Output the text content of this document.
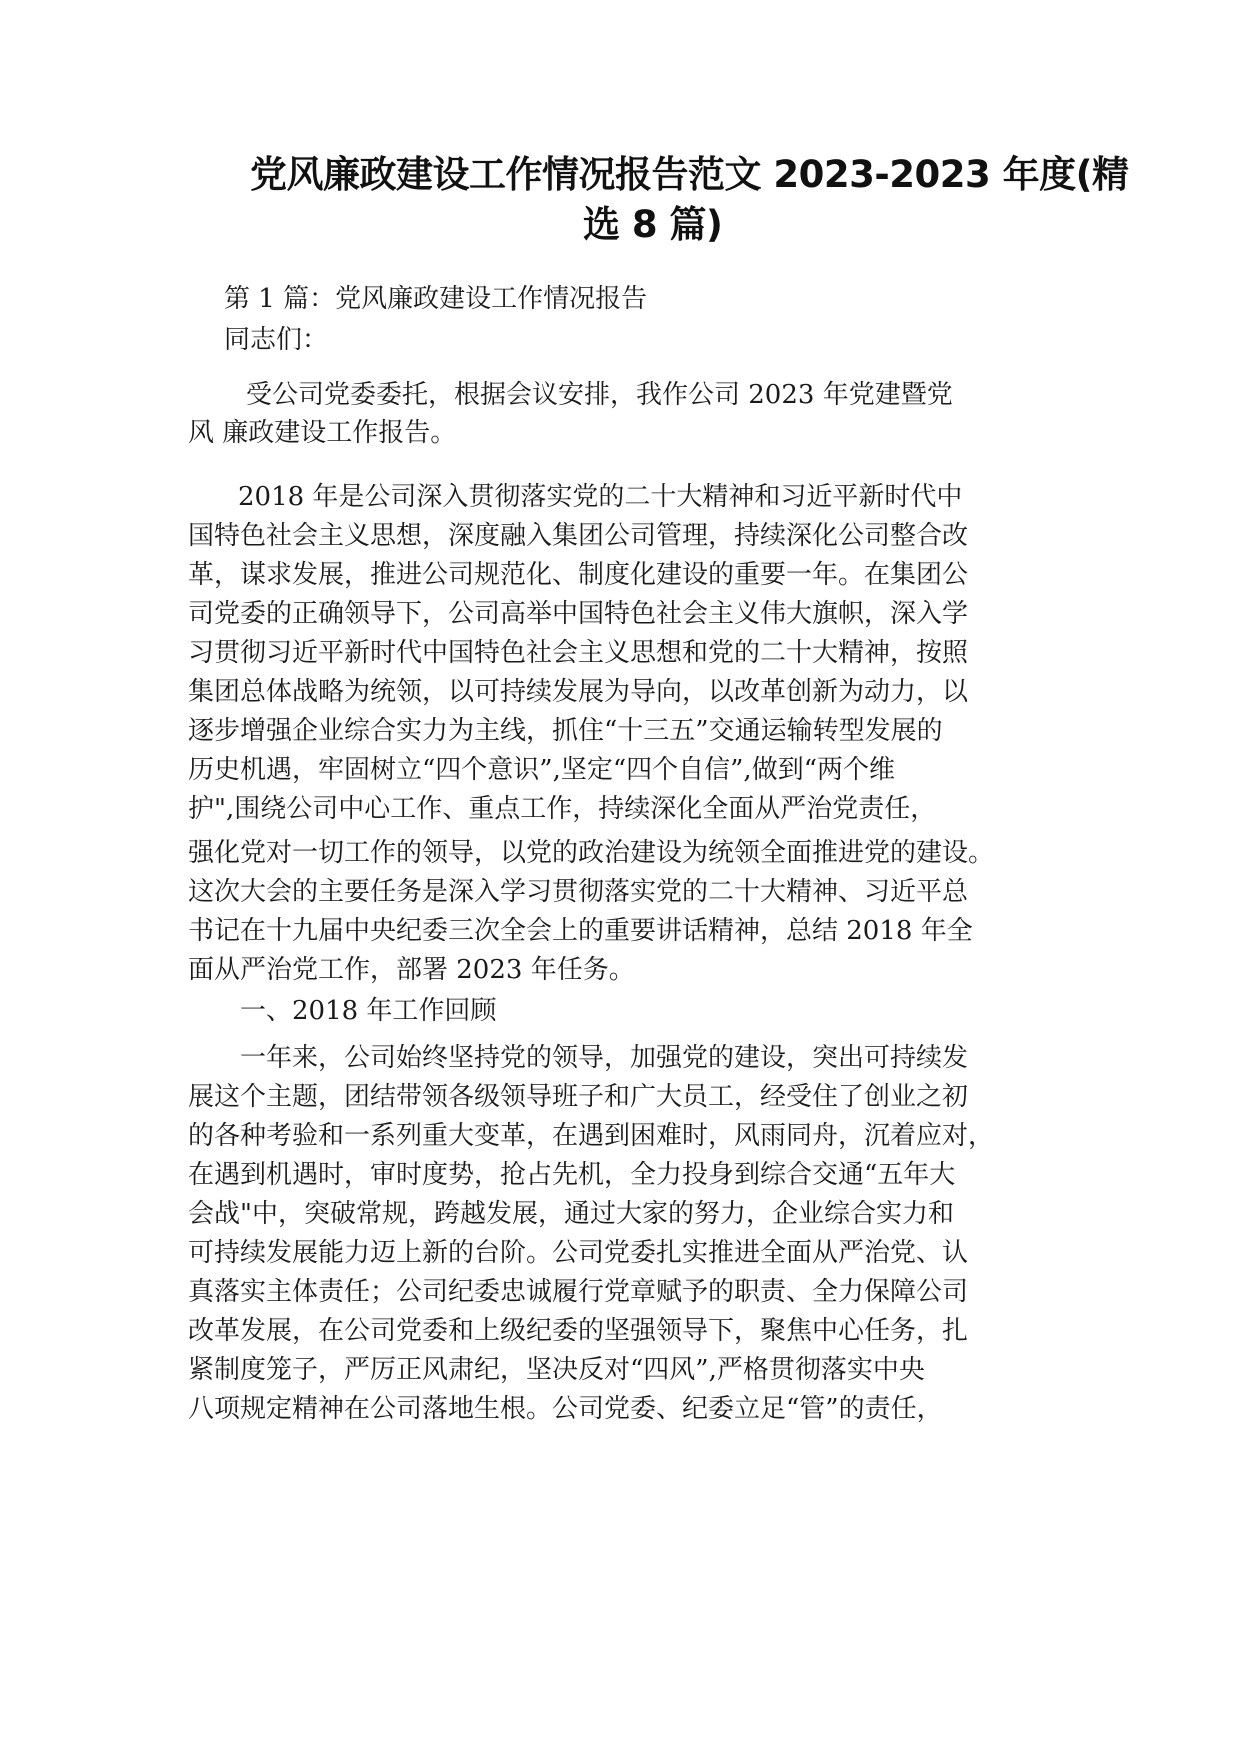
党风廉政建设工作情况报告范文 2023-2023 年度(精
选 8 篇)
第 1 篇：党风廉政建设工作情况报告
同志们：
受公司党委委托，根据会议安排，我作公司 2023 年党建暨党
风 廉政建设工作报告。
2018 年是公司深入贯彻落实党的二十大精神和习近平新时代中
国特色社会主义思想，深度融入集团公司管理，持续深化公司整合改
革，谋求发展，推进公司规范化、制度化建设的重要一年。在集团公
司党委的正确领导下，公司高举中国特色社会主义伟大旗帜，深入学
习贯彻习近平新时代中国特色社会主义思想和党的二十大精神，按照
集团总体战略为统领，以可持续发展为导向，以改革创新为动力，以
逐步增强企业综合实力为主线，抓住“十三五”交通运输转型发展的
历史机遇，牢固树立“四个意识”,坚定“四个自信”,做到“两个维
护",围绕公司中心工作、重点工作，持续深化全面从严治党责任，
强化党对一切工作的领导，以党的政治建设为统领全面推进党的建设。
这次大会的主要任务是深入学习贯彻落实党的二十大精神、习近平总
书记在十九届中央纪委三次全会上的重要讲话精神，总结 2018 年全
面从严治党工作，部署 2023 年任务。
一、2018 年工作回顾
一年来，公司始终坚持党的领导，加强党的建设，突出可持续发
展这个主题，团结带领各级领导班子和广大员工，经受住了创业之初
的各种考验和一系列重大变革，在遇到困难时，风雨同舟，沉着应对，
在遇到机遇时，审时度势，抢占先机，全力投身到综合交通“五年大
会战"中，突破常规，跨越发展，通过大家的努力，企业综合实力和
可持续发展能力迈上新的台阶。公司党委扎实推进全面从严治党、认
真落实主体责任；公司纪委忠诚履行党章赋予的职责、全力保障公司
改革发展，在公司党委和上级纪委的坚强领导下，聚焦中心任务，扎
紧制度笼子，严厉正风肃纪，坚决反对“四风”,严格贯彻落实中央
八项规定精神在公司落地生根。公司党委、纪委立足“管”的责任，
